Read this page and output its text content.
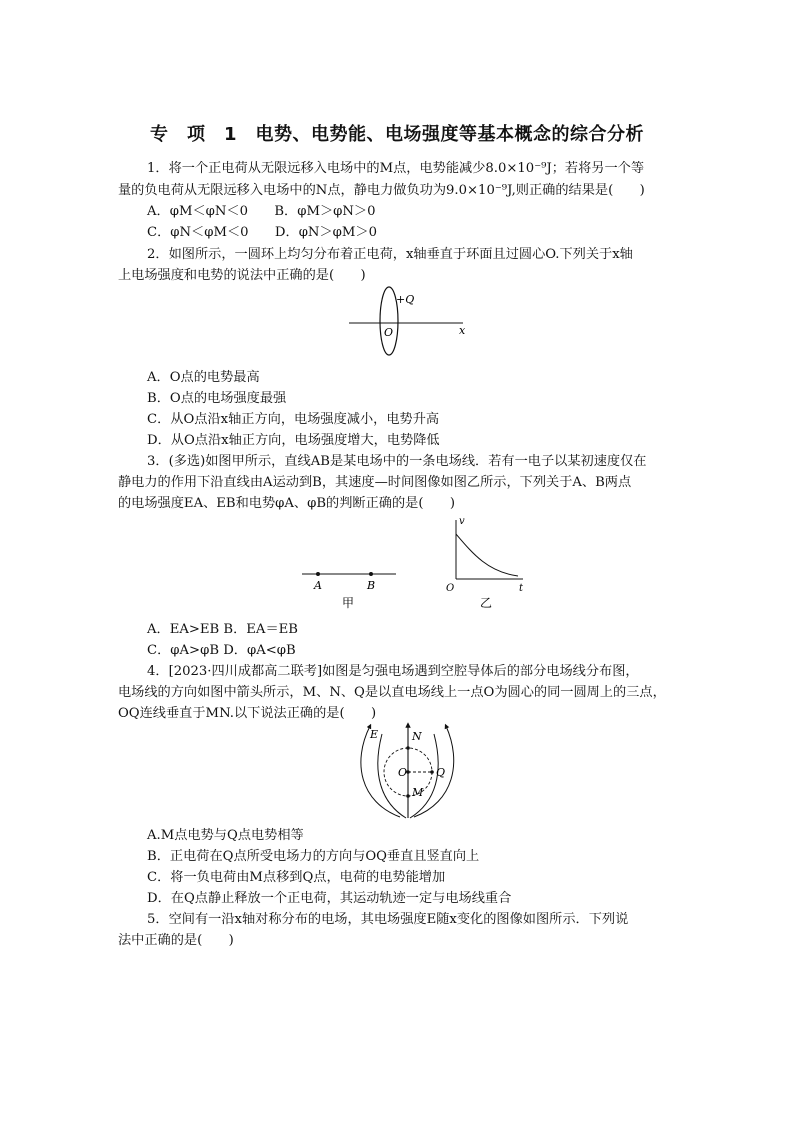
专　项　1　电势、电势能、电场强度等基本概念的综合分析
1．将一个正电荷从无限远移入电场中的M点，电势能减少8.0×10⁻⁹J；若将另一个等
量的负电荷从无限远移入电场中的N点，静电力做负功为9.0×10⁻⁹J,则正确的结果是(　　)
A．φM＜φN＜0　　B．φM＞φN＞0
C．φN＜φM＜0　　D．φN＞φM＞0
2．如图所示，一圆环上均匀分布着正电荷，x轴垂直于环面且过圆心O.下列关于x轴
上电场强度和电势的说法中正确的是(　　)
+Q
O	x
A．O点的电势最高
B．O点的电场强度最强
C．从O点沿x轴正方向，电场强度减小，电势升高
D．从O点沿x轴正方向，电场强度增大，电势降低
3．(多选)如图甲所示，直线AB是某电场中的一条电场线．若有一电子以某初速度仅在
静电力的作用下沿直线由A运动到B，其速度—时间图像如图乙所示，下列关于A、B两点
的电场强度EA、EB和电势φA、φB的判断正确的是(　　)
A	B
甲
v
O	t
乙
A．EA>EB B．EA＝EB
C．φA>φB D．φA<φB
4．[2023·四川成都高二联考]如图是匀强电场遇到空腔导体后的部分电场线分布图，
电场线的方向如图中箭头所示，M、N、Q是以直电场线上一点O为圆心的同一圆周上的三点，
OQ连线垂直于MN.以下说法正确的是(　　)
E	N
O	Q
M
A.M点电势与Q点电势相等
B．正电荷在Q点所受电场力的方向与OQ垂直且竖直向上
C．将一负电荷由M点移到Q点，电荷的电势能增加
D．在Q点静止释放一个正电荷，其运动轨迹一定与电场线重合
5．空间有一沿x轴对称分布的电场，其电场强度E随x变化的图像如图所示．下列说
法中正确的是(　　)
